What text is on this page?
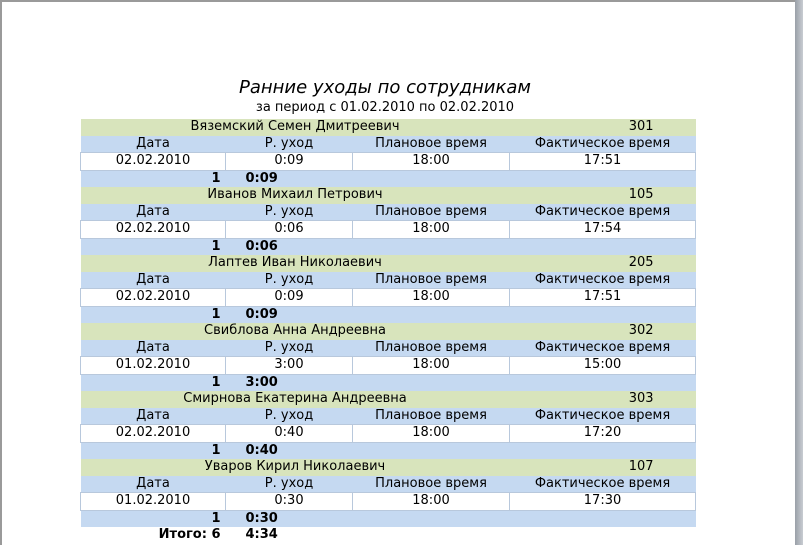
Ранние уходы по сотрудникам
за период с 01.02.2010 по 02.02.2010
Вяземский Семен Дмитреевич			301
Дата	Р. уход	Плановое время	Фактическое время
02.02.2010	0:09	18:00	17:51
1	0:09		
Иванов Михаил Петрович			105
Дата	Р. уход	Плановое время	Фактическое время
02.02.2010	0:06	18:00	17:54
1	0:06		
Лаптев Иван Николаевич			205
Дата	Р. уход	Плановое время	Фактическое время
02.02.2010	0:09	18:00	17:51
1	0:09		
Свиблова Анна Андреевна			302
Дата	Р. уход	Плановое время	Фактическое время
01.02.2010	3:00	18:00	15:00
1	3:00		
Смирнова Екатерина Андреевна			303
Дата	Р. уход	Плановое время	Фактическое время
02.02.2010	0:40	18:00	17:20
1	0:40		
Уваров Кирил Николаевич			107
Дата	Р. уход	Плановое время	Фактическое время
01.02.2010	0:30	18:00	17:30
1	0:30		
Итого: 6	4:34		
